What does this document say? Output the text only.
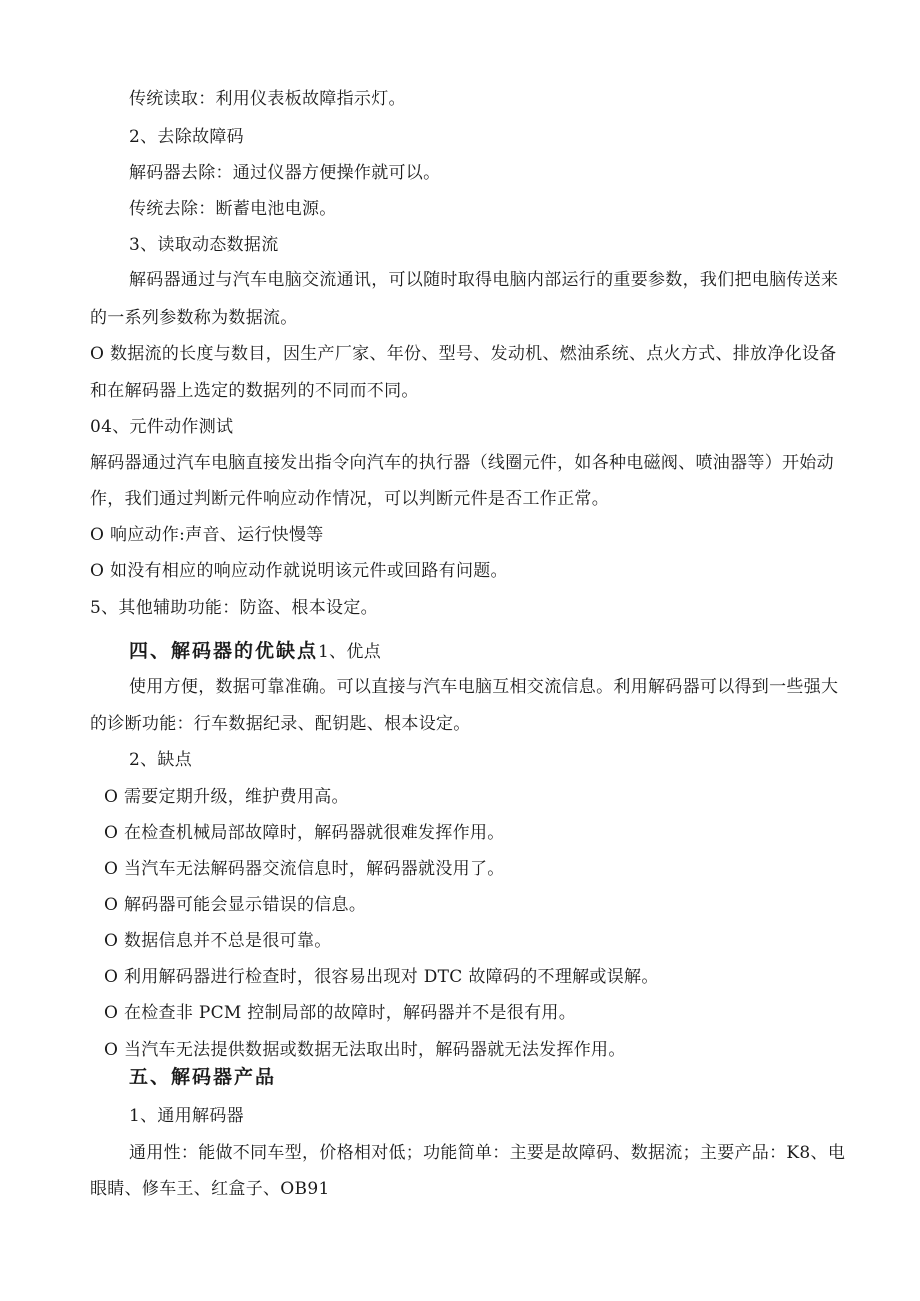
传统读取：利用仪表板故障指示灯。
2、去除故障码
解码器去除：通过仪器方便操作就可以。
传统去除：断蓄电池电源。
3、读取动态数据流
解码器通过与汽车电脑交流通讯，可以随时取得电脑内部运行的重要参数，我们把电脑传送来
的一系列参数称为数据流。
O 数据流的长度与数目，因生产厂家、年份、型号、发动机、燃油系统、点火方式、排放净化设备
和在解码器上选定的数据列的不同而不同。
04、元件动作测试
解码器通过汽车电脑直接发出指令向汽车的执行器（线圈元件，如各种电磁阀、喷油器等）开始动
作，我们通过判断元件响应动作情况，可以判断元件是否工作正常。
O 响应动作:声音、运行快慢等
O 如没有相应的响应动作就说明该元件或回路有问题。
5、其他辅助功能：防盗、根本设定。
四、解码器的优缺点1、优点
使用方便，数据可靠准确。可以直接与汽车电脑互相交流信息。利用解码器可以得到一些强大
的诊断功能：行车数据纪录、配钥匙、根本设定。
2、缺点
O 需要定期升级，维护费用高。
O 在检查机械局部故障时，解码器就很难发挥作用。
O 当汽车无法解码器交流信息时，解码器就没用了。
O 解码器可能会显示错误的信息。
O 数据信息并不总是很可靠。
O 利用解码器进行检查时，很容易出现对 DTC 故障码的不理解或误解。
O 在检查非 PCM 控制局部的故障时，解码器并不是很有用。
O 当汽车无法提供数据或数据无法取出时，解码器就无法发挥作用。
五、解码器产品
1、通用解码器
通用性：能做不同车型，价格相对低；功能简单：主要是故障码、数据流；主要产品：K8、电
眼睛、修车王、红盒子、OB91
